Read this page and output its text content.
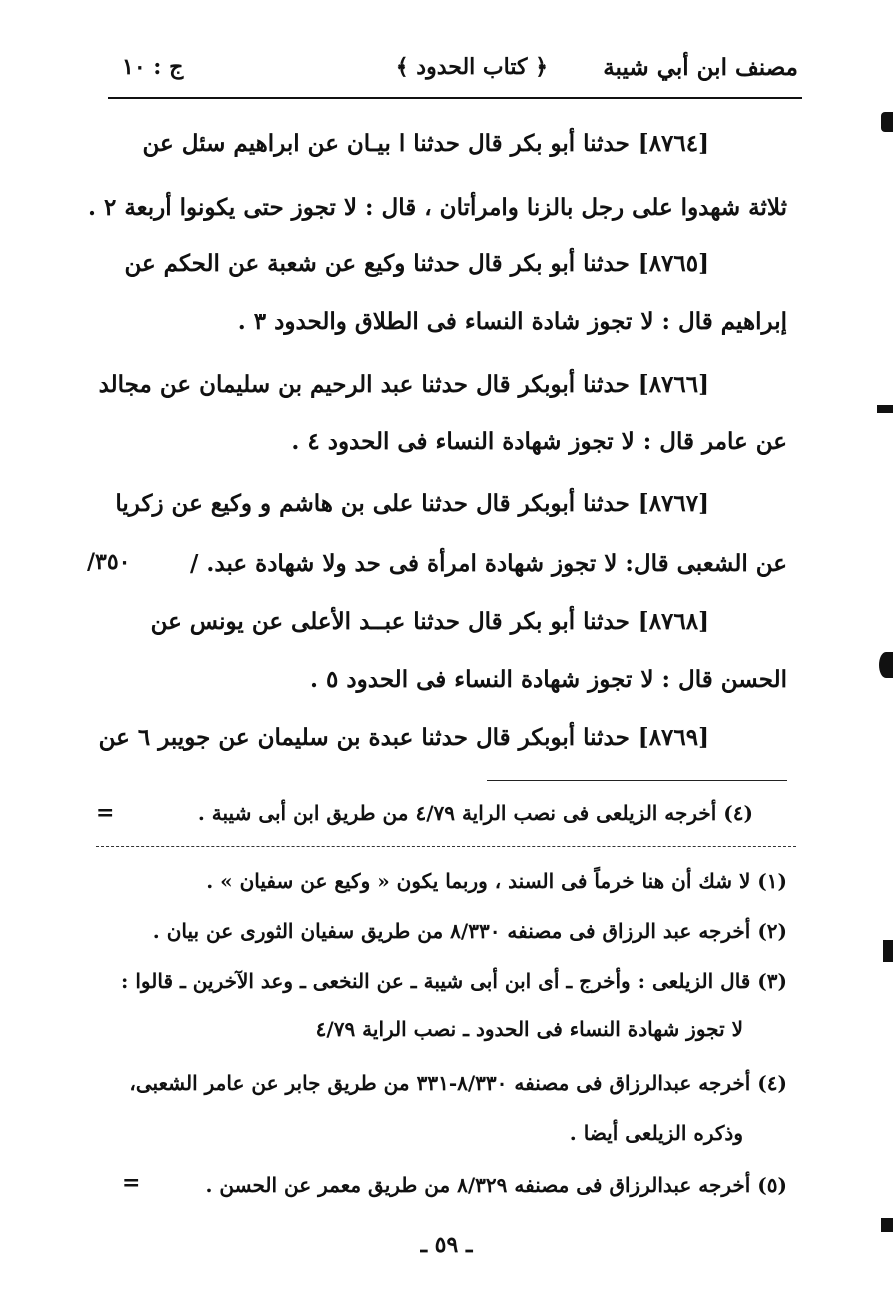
مصنف ابن أبي شيبة
﴿ كتاب الحدود ﴾
ج : ١٠
[٨٧٦٤] حدثنا أبو بكر قال حدثنا ا بيـان عن ابراهيم سئل عن
ثلاثة شهدوا على رجل بالزنا وامرأتان ، قال : لا تجوز حتى يكونوا أربعة ٢ .
[٨٧٦٥] حدثنا أبو بكر قال حدثنا وكيع عن شعبة عن الحكم عن
إبراهيم قال : لا تجوز شادة النساء فى الطلاق والحدود ٣ .
[٨٧٦٦] حدثنا أبوبكر قال حدثنا عبد الرحيم بن سليمان عن مجالد
عن عامر قال : لا تجوز شهادة النساء فى الحدود ٤ .
[٨٧٦٧] حدثنا أبوبكر قال حدثنا على بن هاشم و وكيع عن زكريا
عن الشعبى قال: لا تجوز شهادة امرأة فى حد ولا شهادة عبد. /
/٣٥٠
[٨٧٦٨] حدثنا أبو بكر قال حدثنا عبــد الأعلى عن يونس عن
الحسن قال : لا تجوز شهادة النساء فى الحدود ٥ .
[٨٧٦٩] حدثنا أبوبكر قال حدثنا عبدة بن سليمان عن جويبر ٦ عن
(٤) أخرجه الزيلعى فى نصب الراية ٤/٧٩ من طريق ابن أبى شيبة .
=
(١) لا شك أن هنا خرماً فى السند ، وربما يكون « وكيع عن سفيان » .
(٢) أخرجه عبد الرزاق فى مصنفه ٨/٣٣٠ من طريق سفيان الثورى عن بيان .
(٣) قال الزيلعى : وأخرج ـ أى ابن أبى شيبة ـ عن النخعى ـ وعد الآخرين ـ قالوا :
لا تجوز شهادة النساء فى الحدود ـ نصب الراية ٤/٧٩
(٤) أخرجه عبدالرزاق فى مصنفه ٨/٣٣٠-٣٣١ من طريق جابر عن عامر الشعبى،
وذكره الزيلعى أيضا .
(٥) أخرجه عبدالرزاق فى مصنفه ٨/٣٢٩ من طريق معمر عن الحسن .
=
ـ ٥٩ ـ
